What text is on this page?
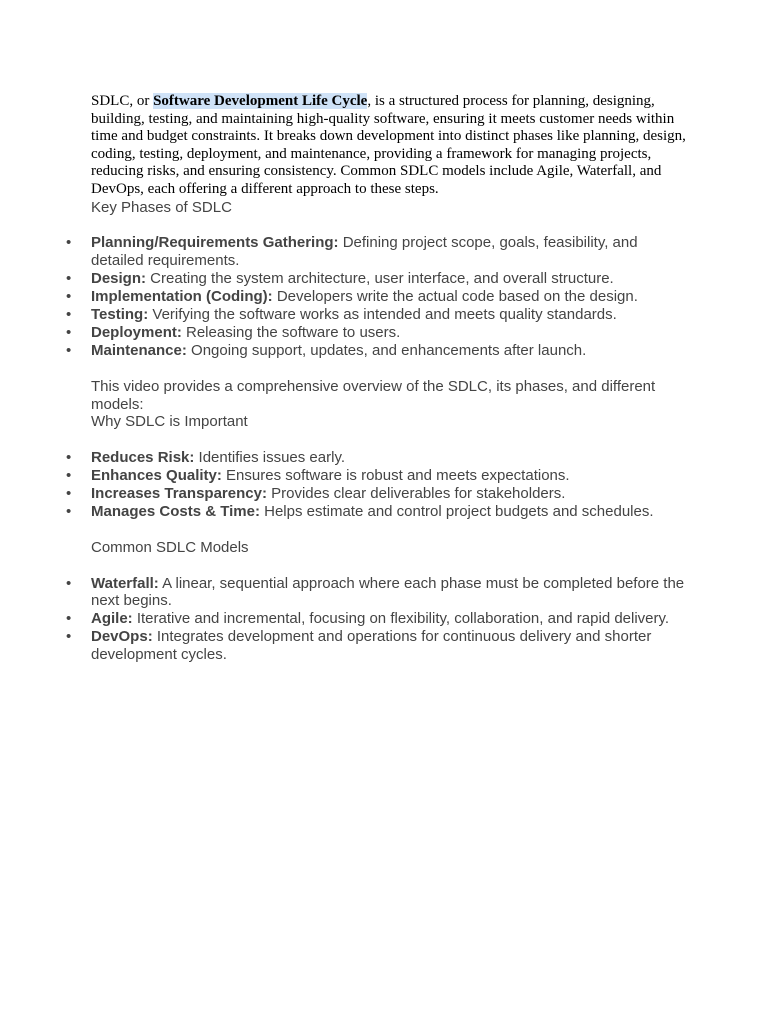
SDLC, or Software Development Life Cycle, is a structured process for planning, designing, building, testing, and maintaining high-quality software, ensuring it meets customer needs within time and budget constraints. It breaks down development into distinct phases like planning, design, coding, testing, deployment, and maintenance, providing a framework for managing projects, reducing risks, and ensuring consistency. Common SDLC models include Agile, Waterfall, and DevOps, each offering a different approach to these steps.

Key Phases of SDLC
• Planning/Requirements Gathering: Defining project scope, goals, feasibility, and detailed requirements.
• Design: Creating the system architecture, user interface, and overall structure.
• Implementation (Coding): Developers write the actual code based on the design.
• Testing: Verifying the software works as intended and meets quality standards.
• Deployment: Releasing the software to users.
• Maintenance: Ongoing support, updates, and enhancements after launch.
This video provides a comprehensive overview of the SDLC, its phases, and different models:
Why SDLC is Important
• Reduces Risk: Identifies issues early.
• Enhances Quality: Ensures software is robust and meets expectations.
• Increases Transparency: Provides clear deliverables for stakeholders.
• Manages Costs & Time: Helps estimate and control project budgets and schedules.
Common SDLC Models
• Waterfall: A linear, sequential approach where each phase must be completed before the next begins.
• Agile: Iterative and incremental, focusing on flexibility, collaboration, and rapid delivery.
• DevOps: Integrates development and operations for continuous delivery and shorter development cycles.
